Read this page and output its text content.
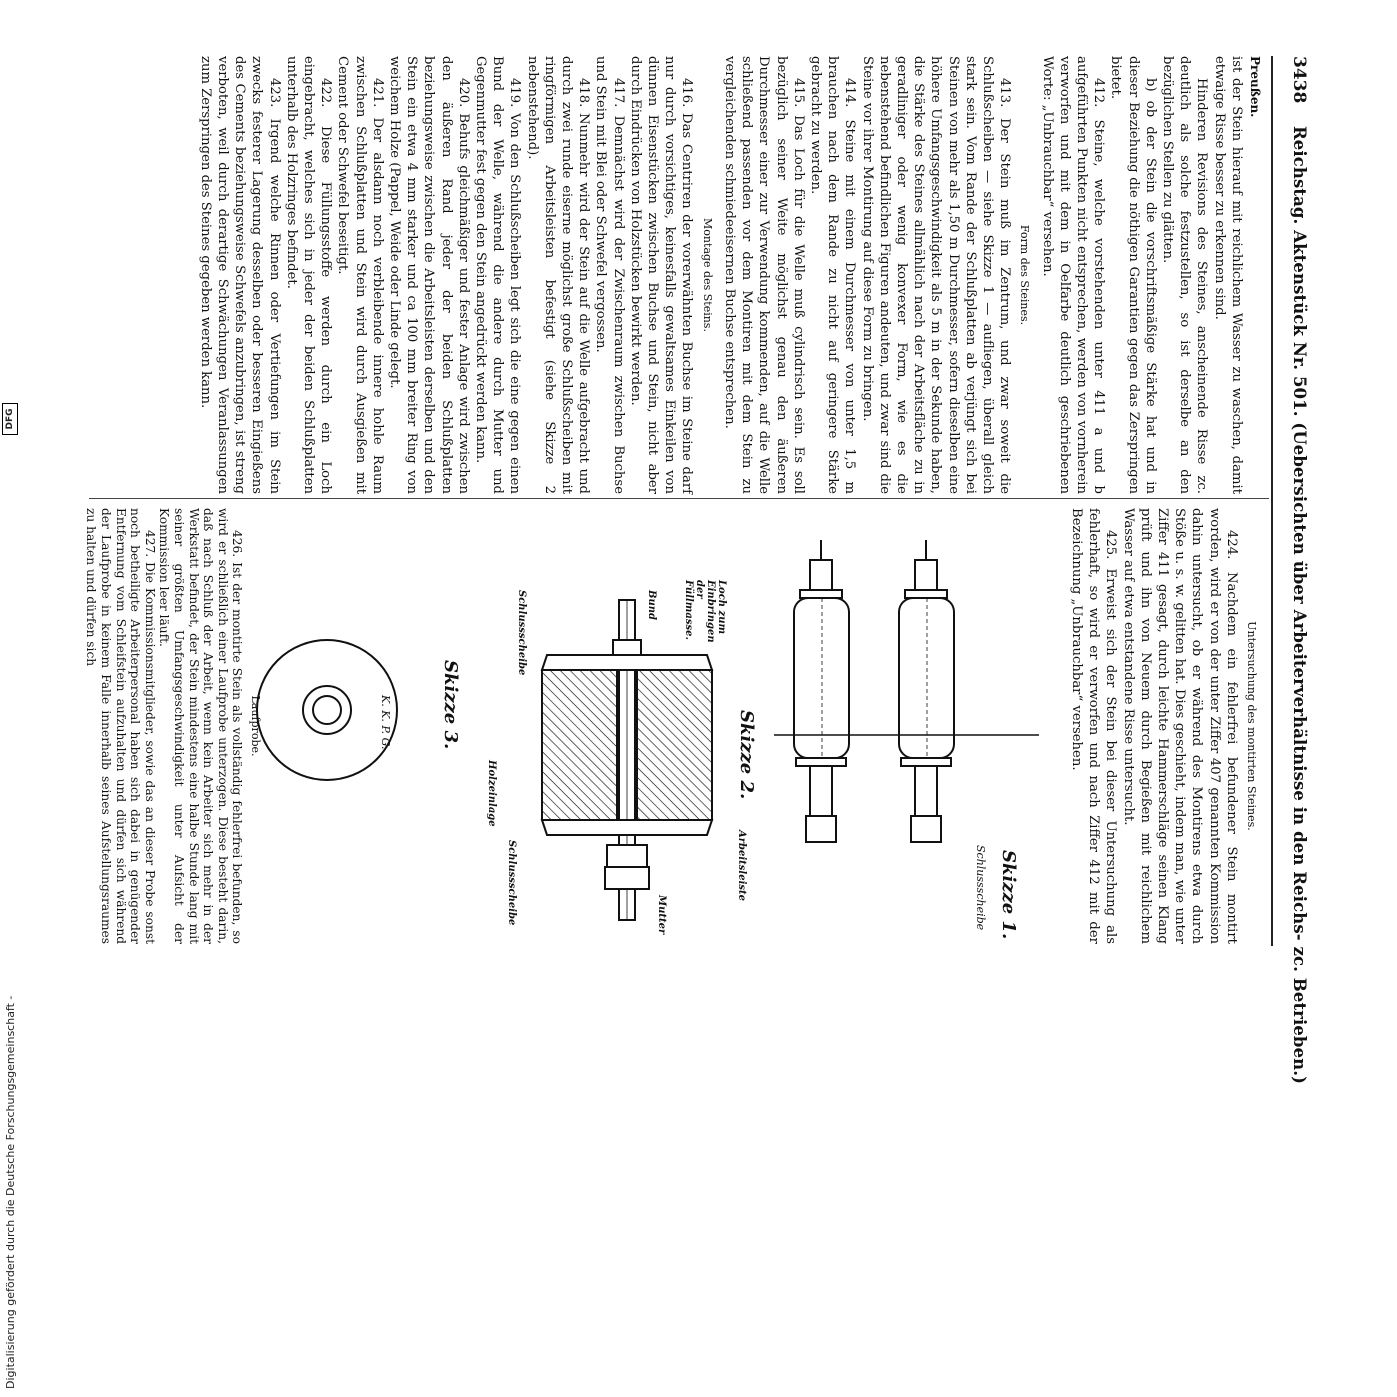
3438
Reichstag. Aktenstück Nr. 501. (Uebersichten über Arbeiterverhältnisse in den Reichs- zc. Betrieben.)
Preußen.

ist der Stein hierauf mit reichlichem Wasser zu waschen, damit etwaige Risse besser zu erkennen sind.

Hinderen Revisions des Steines, anscheinende Risse zc. deutlich als solche festzustellen, so ist derselbe an den bezüglichen Stellen zu glätten.

b) ob der Stein die vorschriftsmäßige Stärke hat und in dieser Beziehung die nöthigen Garantien gegen das Zerspringen bietet.

412. Steine, welche vorstehenden unter 411 a und b aufgeführten Punkten nicht entsprechen, werden von vornherein verworfen und mit dem in Oelfarbe deutlich geschriebenen Worte: „Unbrauchbar“ versehen.

Form des Steines.

413. Der Stein muß im Zentrum, und zwar soweit die Schlußscheiben — siehe Skizze 1 — aufliegen, überall gleich stark sein. Vom Rande der Schlußplatten ab verjüngt sich bei Steinen von mehr als 1,50 m Durchmesser, sofern dieselben eine höhere Umfangsgeschwindigkeit als 5 m in der Sekunde haben, die Stärke des Steines allmählich nach der Arbeitsfläche zu in geradliniger oder wenig konvexer Form, wie es die nebenstehend befindlichen Figuren andeuten, und zwar sind die Steine vor ihrer Montirung auf diese Form zu bringen.

414. Steine mit einem Durchmesser von unter 1,5 m brauchen nach dem Rande zu nicht auf geringere Stärke gebracht zu werden.

415. Das Loch für die Welle muß cylindrisch sein. Es soll bezüglich seiner Weite möglichst genau den äußeren Durchmesser einer zur Verwendung kommenden, auf die Welle schließend passenden vor dem Montiren mit dem Stein zu vergleichenden schmiedeeisernen Buchse entsprechen.

Montage des Steins.

416. Das Centriren der vorerwähnten Buchse im Steine darf nur durch vorsichtiges, keinesfalls gewaltsames Einkeilen von dünnen Eisenstücken zwischen Buchse und Stein, nicht aber durch Eindrücken von Holzstücken bewirkt werden.

417. Demnächst wird der Zwischenraum zwischen Buchse und Stein mit Blei oder Schwefel vergossen.

418. Nunmehr wird der Stein auf die Welle aufgebracht und durch zwei runde eiserne möglichst große Schlußscheiben mit ringförmigen Arbeitsleisten befestigt (siehe Skizze 2 nebenstehend).

419. Von den Schlußscheiben legt sich die eine gegen einen Bund der Welle, während die andere durch Mutter und Gegenmutter fest gegen den Stein angedrückt werden kann.

420. Behufs gleichmäßiger und fester Anlage wird zwischen den äußeren Rand jeder der beiden Schlußplatten beziehungsweise zwischen die Arbeitsleisten derselben und den Stein ein etwa 4 mm starker und ca 100 mm breiter Ring von weichem Holze (Pappel, Weide oder Linde gelegt.

421. Der alsdann noch verbleibende innere hohle Raum zwischen Schlußplatten und Stein wird durch Ausgießen mit Cement oder Schwefel beseitigt.

422. Diese Füllungsstoffe werden durch ein Loch eingebracht, welches sich in jeder der beiden Schlußplatten unterhalb des Holzringes befindet.

423. Irgend welche Rinnen oder Vertiefungen im Stein zwecks festerer Lagerung desselben oder besseren Eingießens des Cements beziehungsweise Schwefels anzubringen, ist streng verboten, weil durch derartige Schwächungen Veranlassungen zum Zerspringen des Steines gegeben werden kann.

Untersuchung des montirten Steines.

424. Nachdem ein fehlerfrei befundener Stein montirt worden, wird er von der unter Ziffer 407 genannten Kommission dahin untersucht, ob er während des Montirens etwa durch Stöße u. s. w. gelitten hat. Dies geschieht, indem man, wie unter Ziffer 411 gesagt, durch leichte Hammerschläge seinen Klang prüft und ihn von Neuem durch Begießen mit reichlichem Wasser auf etwa entstandene Risse untersucht.

425. Erweist sich der Stein bei dieser Untersuchung als fehlerhaft, so wird er verworfen und nach Ziffer 412 mit der Bezeichnung „Unbrauchbar“ versehen.

Skizze 1.
Schlussscheibe
Skizze 2.
Loch zum Einbringen der Füllmasse.
Bund
Schlussscheibe
Arbeitsleiste
Schlussscheibe	Mutter
Holzeinlage
Skizze 3.
K. K. P. G.
Laufprobe.

426. Ist der montirte Stein als vollständig fehlerfrei befunden, so wird er schließlich einer Laufprobe unterzogen. Diese besteht darin, daß nach Schluß der Arbeit, wenn kein Arbeiter sich mehr in der Werkstatt befindet, der Stein mindestens eine halbe Stunde lang mit seiner größten Umfangsgeschwindigkeit unter Aufsicht der Kommission leer läuft.

427. Die Kommissionsmitglieder, sowie das an dieser Probe sonst noch betheiligte Arbeiterpersonal haben sich dabei in genügender Entfernung vom Schleifstein aufzuhalten und dürfen sich während der Laufprobe in keinem Falle innerhalb seines Aufstellungsraumes zu halten und dürfen sich

Digitalisierung gefördert durch die Deutsche Forschungsgemeinschaft -
DFG
